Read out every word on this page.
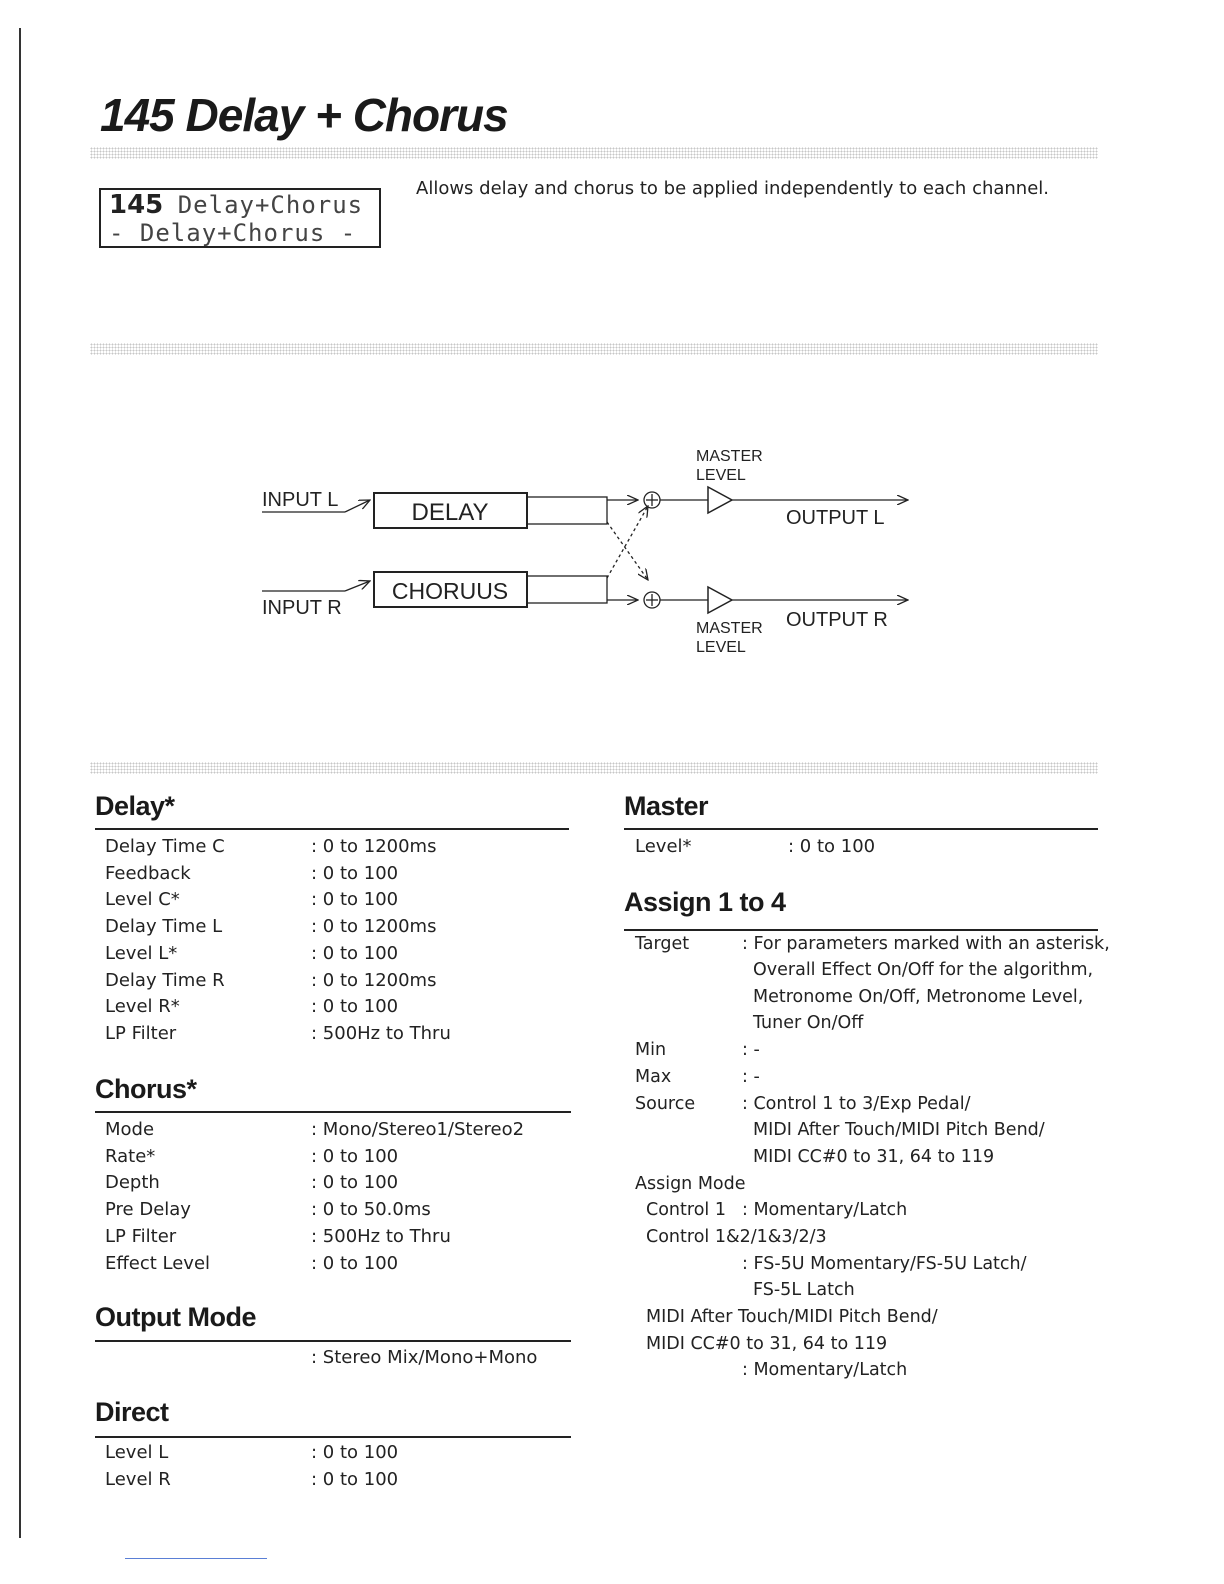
145 Delay + Chorus
145 Delay+Chorus
- Delay+Chorus -
Allows delay and chorus to be applied independently to each channel.
INPUT L
INPUT R
DELAY
CHORUUS
MASTER
LEVEL
MASTER
LEVEL
OUTPUT L
OUTPUT R
Delay*
Delay Time C	: 0 to 1200ms
Feedback	: 0 to 100
Level C*	: 0 to 100
Delay Time L	: 0 to 1200ms
Level L*	: 0 to 100
Delay Time R	: 0 to 1200ms
Level R*	: 0 to 100
LP Filter	: 500Hz to Thru
Chorus*
Mode	: Mono/Stereo1/Stereo2
Rate*	: 0 to 100
Depth	: 0 to 100
Pre Delay	: 0 to 50.0ms
LP Filter	: 500Hz to Thru
Effect Level	: 0 to 100
Output Mode
: Stereo Mix/Mono+Mono
Direct
Level L	: 0 to 100
Level R	: 0 to 100
Master
Level*	: 0 to 100
Assign 1 to 4
Target	: For parameters marked with an asterisk,
Overall Effect On/Off for the algorithm,
Metronome On/Off, Metronome Level,
Tuner On/Off
Min	: -
Max	: -
Source	: Control 1 to 3/Exp Pedal/
MIDI After Touch/MIDI Pitch Bend/
MIDI CC#0 to 31, 64 to 119
Assign Mode
Control 1 : Momentary/Latch
Control 1&2/1&3/2/3
: FS-5U Momentary/FS-5U Latch/
FS-5L Latch
MIDI After Touch/MIDI Pitch Bend/
MIDI CC#0 to 31, 64 to 119
: Momentary/Latch
